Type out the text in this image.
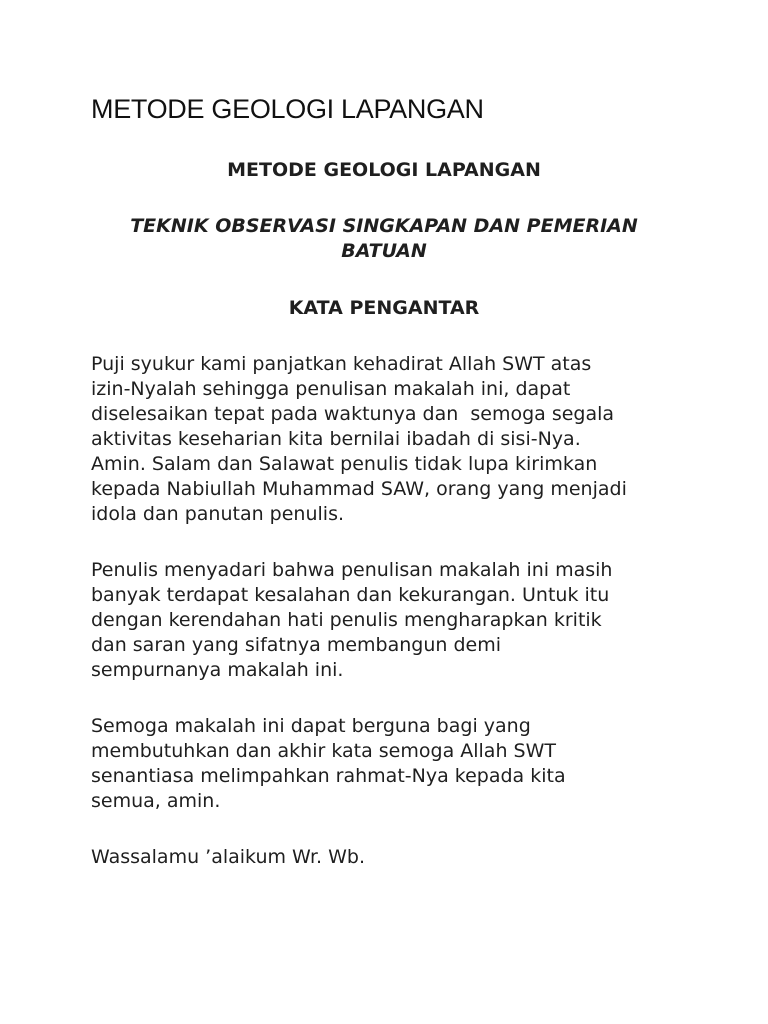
METODE GEOLOGI LAPANGAN
METODE GEOLOGI LAPANGAN
TEKNIK OBSERVASI SINGKAPAN DAN PEMERIAN BATUAN
KATA PENGANTAR
Puji syukur kami panjatkan kehadirat Allah SWT atas
izin-Nyalah sehingga penulisan makalah ini, dapat
diselesaikan tepat pada waktunya dan  semoga segala
aktivitas keseharian kita bernilai ibadah di sisi-Nya.
Amin. Salam dan Salawat penulis tidak lupa kirimkan
kepada Nabiullah Muhammad SAW, orang yang menjadi
idola dan panutan penulis.
Penulis menyadari bahwa penulisan makalah ini masih
banyak terdapat kesalahan dan kekurangan. Untuk itu
dengan kerendahan hati penulis mengharapkan kritik
dan saran yang sifatnya membangun demi
sempurnanya makalah ini.
Semoga makalah ini dapat berguna bagi yang
membutuhkan dan akhir kata semoga Allah SWT
senantiasa melimpahkan rahmat-Nya kepada kita
semua, amin.

Wassalamu ’alaikum Wr. Wb.
